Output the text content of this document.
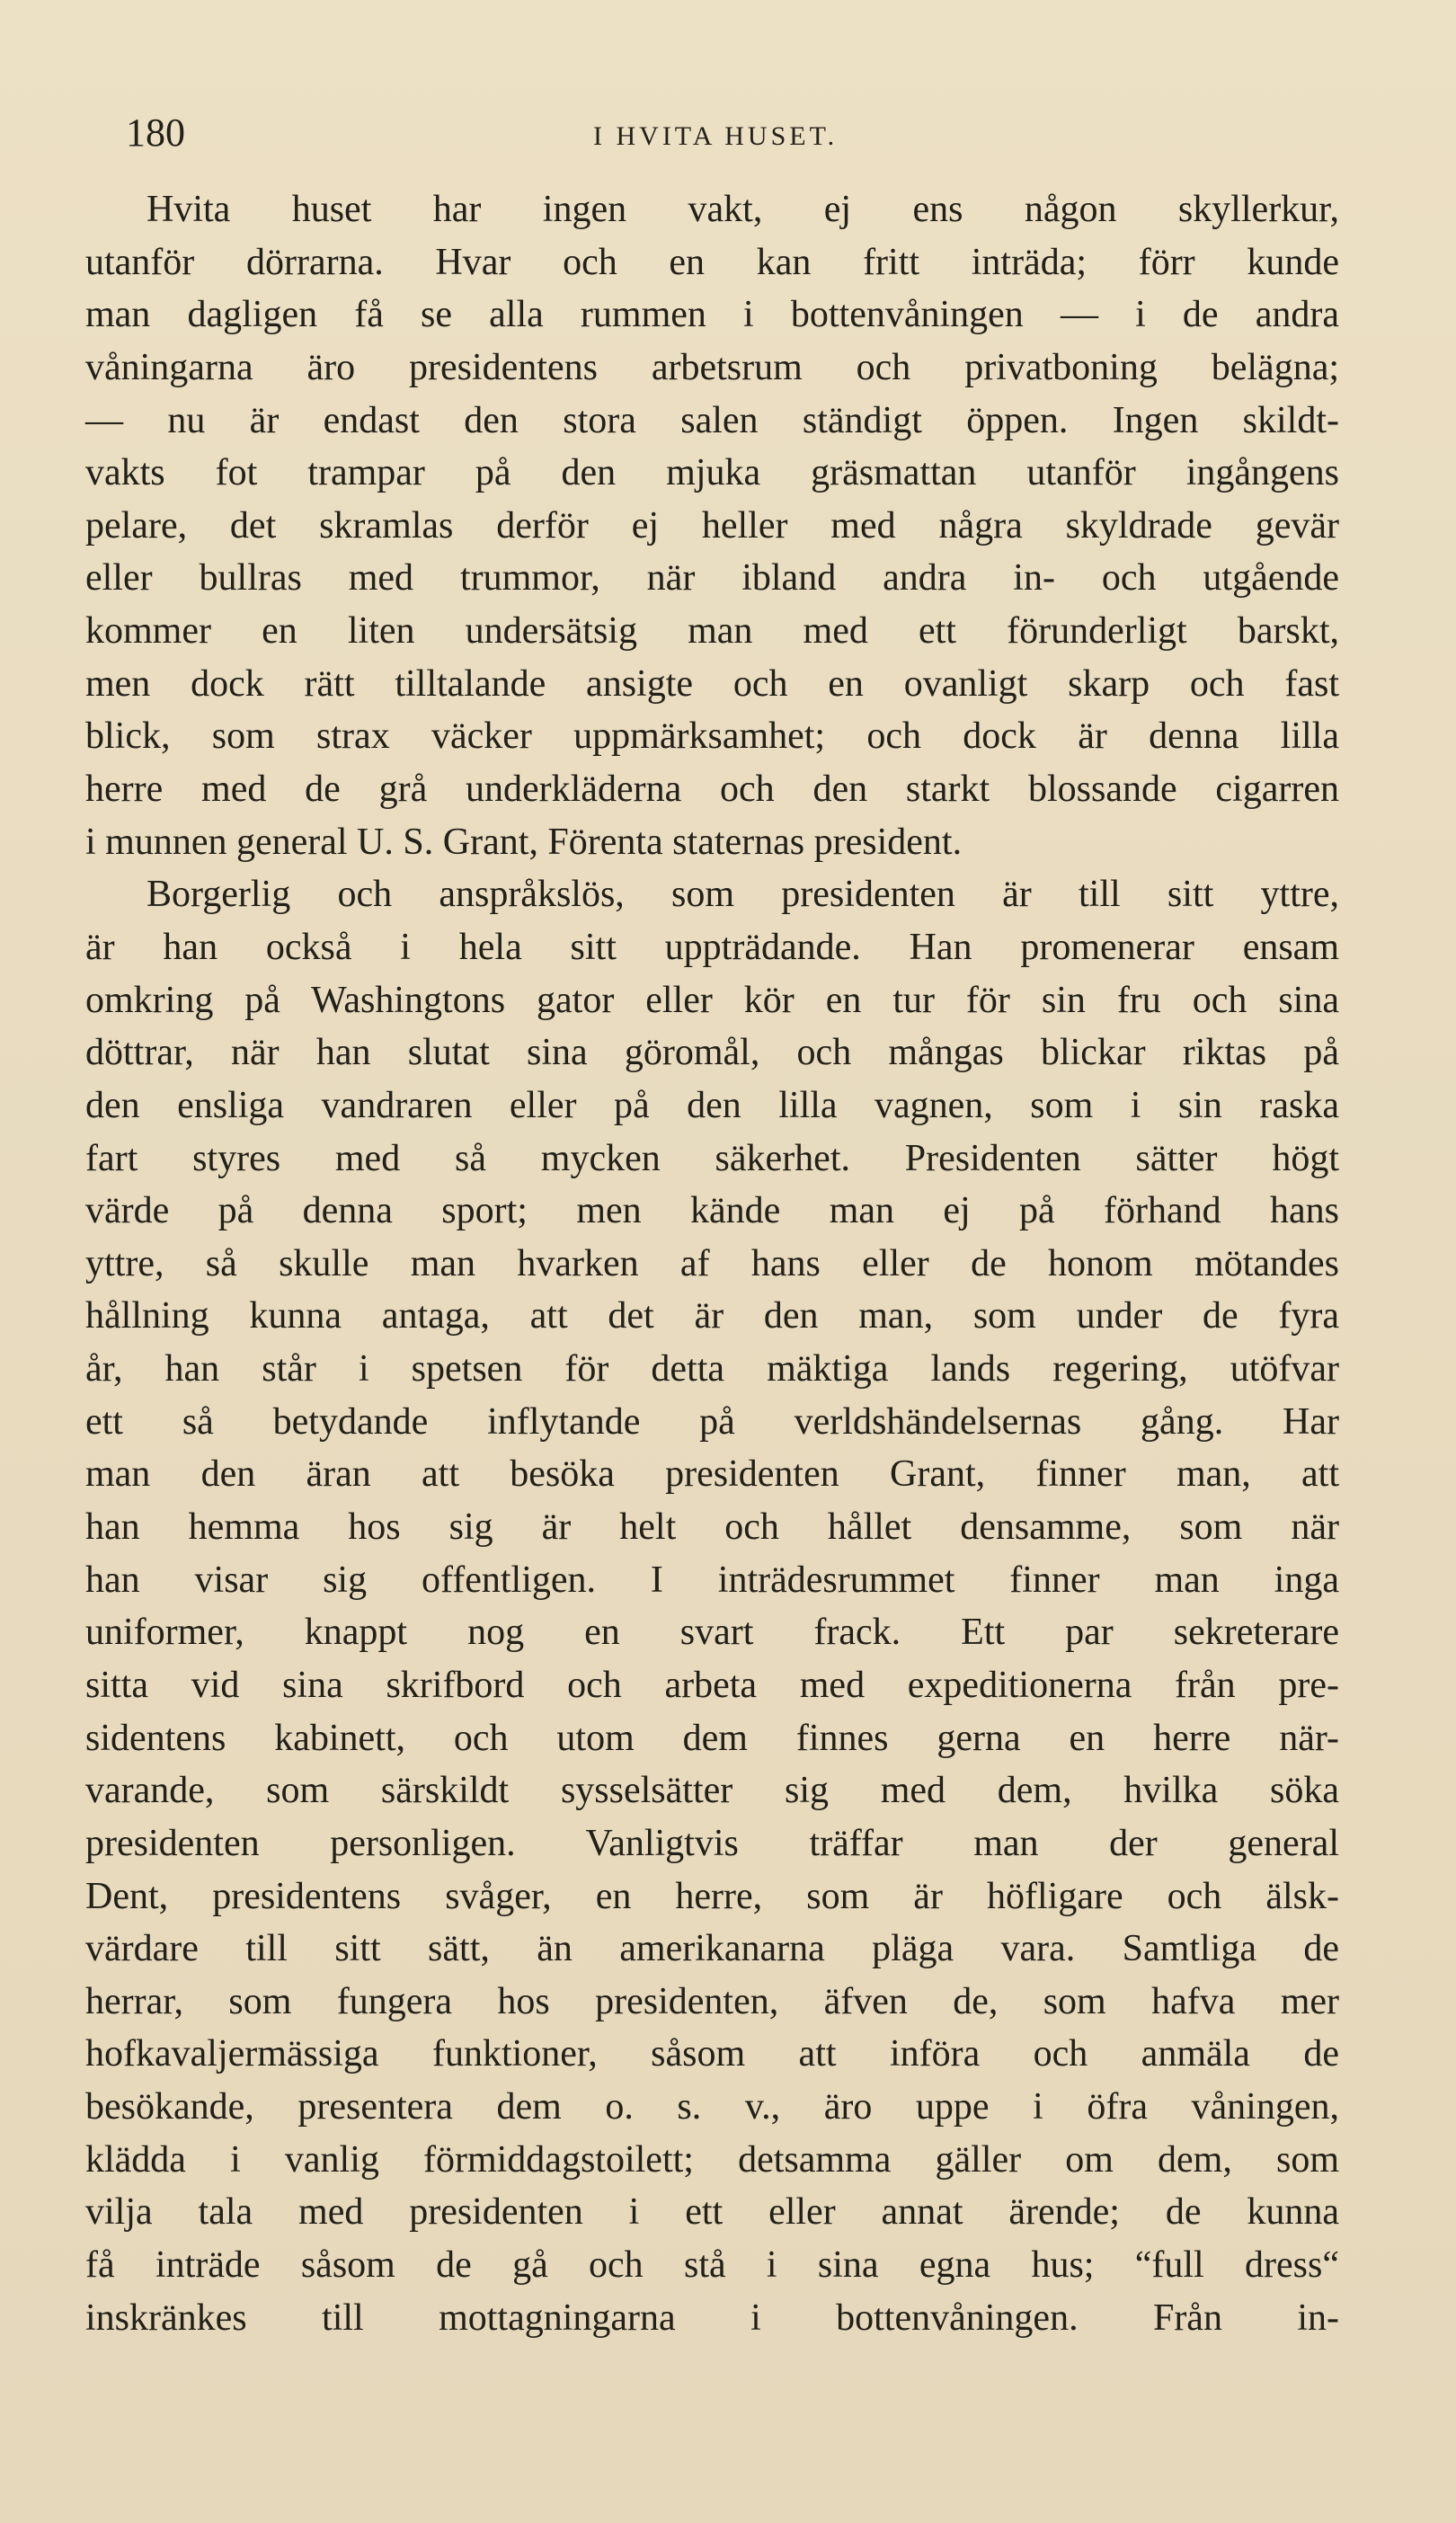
180	I HVITA HUSET.
Hvita huset har ingen vakt, ej ens någon skyllerkur,
utanför dörrarna. Hvar och en kan fritt inträda; förr kunde
man dagligen få se alla rummen i bottenvåningen — i de andra
våningarna äro presidentens arbetsrum och privatboning belägna;
— nu är endast den stora salen ständigt öppen. Ingen skildt-
vakts fot trampar på den mjuka gräsmattan utanför ingångens
pelare, det skramlas derför ej heller med några skyldrade gevär
eller bullras med trummor, när ibland andra in- och utgående
kommer en liten undersätsig man med ett förunderligt barskt,
men dock rätt tilltalande ansigte och en ovanligt skarp och fast
blick, som strax väcker uppmärksamhet; och dock är denna lilla
herre med de grå underkläderna och den starkt blossande cigarren
i munnen general U. S. Grant, Förenta staternas president.
Borgerlig och anspråkslös, som presidenten är till sitt yttre,
är han också i hela sitt uppträdande. Han promenerar ensam
omkring på Washingtons gator eller kör en tur för sin fru och sina
döttrar, när han slutat sina göromål, och mångas blickar riktas på
den ensliga vandraren eller på den lilla vagnen, som i sin raska
fart styres med så mycken säkerhet. Presidenten sätter högt
värde på denna sport; men kände man ej på förhand hans
yttre, så skulle man hvarken af hans eller de honom mötandes
hållning kunna antaga, att det är den man, som under de fyra
år, han står i spetsen för detta mäktiga lands regering, utöfvar
ett så betydande inflytande på verldshändelsernas gång. Har
man den äran att besöka presidenten Grant, finner man, att
han hemma hos sig är helt och hållet densamme, som när
han visar sig offentligen. I inträdesrummet finner man inga
uniformer, knappt nog en svart frack. Ett par sekreterare
sitta vid sina skrifbord och arbeta med expeditionerna från pre-
sidentens kabinett, och utom dem finnes gerna en herre när-
varande, som särskildt sysselsätter sig med dem, hvilka söka
presidenten personligen. Vanligtvis träffar man der general
Dent, presidentens svåger, en herre, som är höfligare och älsk-
värdare till sitt sätt, än amerikanarna pläga vara. Samtliga de
herrar, som fungera hos presidenten, äfven de, som hafva mer
hofkavaljermässiga funktioner, såsom att införa och anmäla de
besökande, presentera dem o. s. v., äro uppe i öfra våningen,
klädda i vanlig förmiddagstoilett; detsamma gäller om dem, som
vilja tala med presidenten i ett eller annat ärende; de kunna
få inträde såsom de gå och stå i sina egna hus; “full dress“
inskränkes till mottagningarna i bottenvåningen. Från in-
